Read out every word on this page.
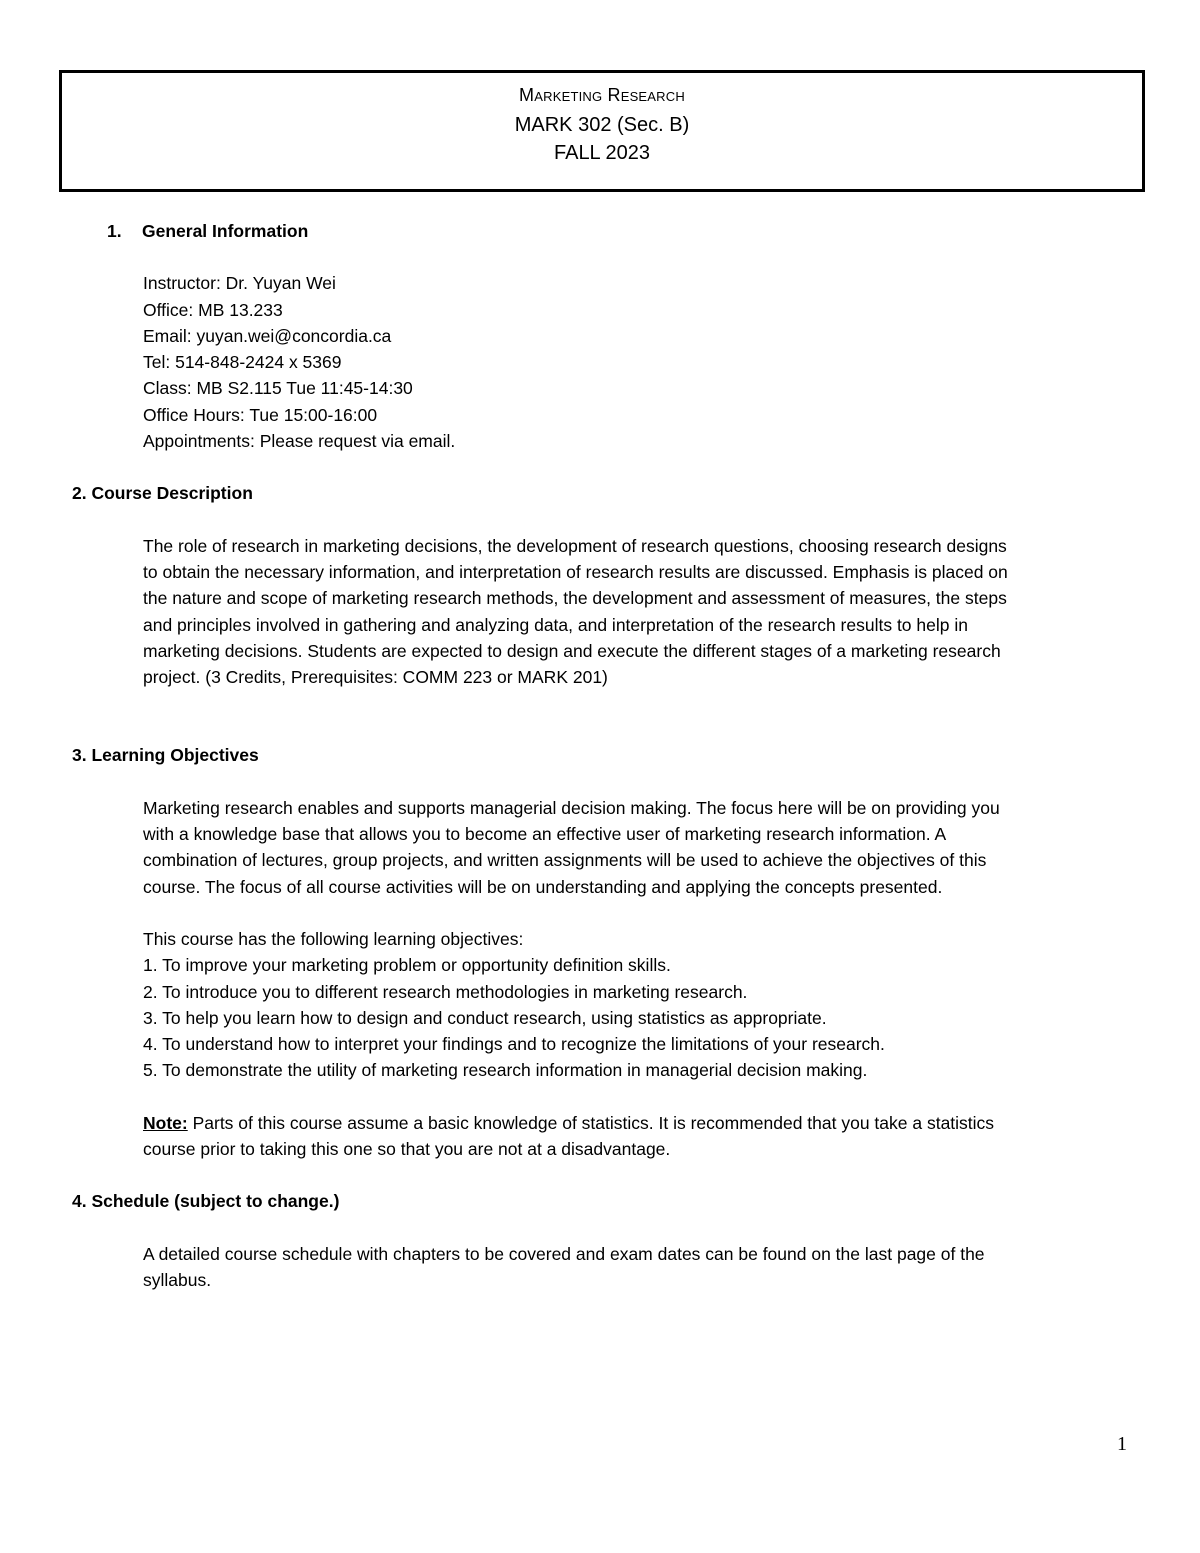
Marketing Research
MARK 302 (Sec. B)
FALL 2023
1. General Information
Instructor: Dr. Yuyan Wei
Office: MB 13.233
Email: yuyan.wei@concordia.ca
Tel: 514-848-2424 x 5369
Class: MB S2.115 Tue 11:45-14:30
Office Hours: Tue 15:00-16:00
Appointments: Please request via email.
2. Course Description
The role of research in marketing decisions, the development of research questions, choosing research designs
to obtain the necessary information, and interpretation of research results are discussed. Emphasis is placed on
the nature and scope of marketing research methods, the development and assessment of measures, the steps
and principles involved in gathering and analyzing data, and interpretation of the research results to help in
marketing decisions. Students are expected to design and execute the different stages of a marketing research
project. (3 Credits, Prerequisites: COMM 223 or MARK 201)
3. Learning Objectives
Marketing research enables and supports managerial decision making. The focus here will be on providing you
with a knowledge base that allows you to become an effective user of marketing research information. A
combination of lectures, group projects, and written assignments will be used to achieve the objectives of this
course. The focus of all course activities will be on understanding and applying the concepts presented.
This course has the following learning objectives:
1. To improve your marketing problem or opportunity definition skills.
2. To introduce you to different research methodologies in marketing research.
3. To help you learn how to design and conduct research, using statistics as appropriate.
4. To understand how to interpret your findings and to recognize the limitations of your research.
5. To demonstrate the utility of marketing research information in managerial decision making.
Note: Parts of this course assume a basic knowledge of statistics. It is recommended that you take a statistics
course prior to taking this one so that you are not at a disadvantage.
4. Schedule (subject to change.)
A detailed course schedule with chapters to be covered and exam dates can be found on the last page of the
syllabus.
1
